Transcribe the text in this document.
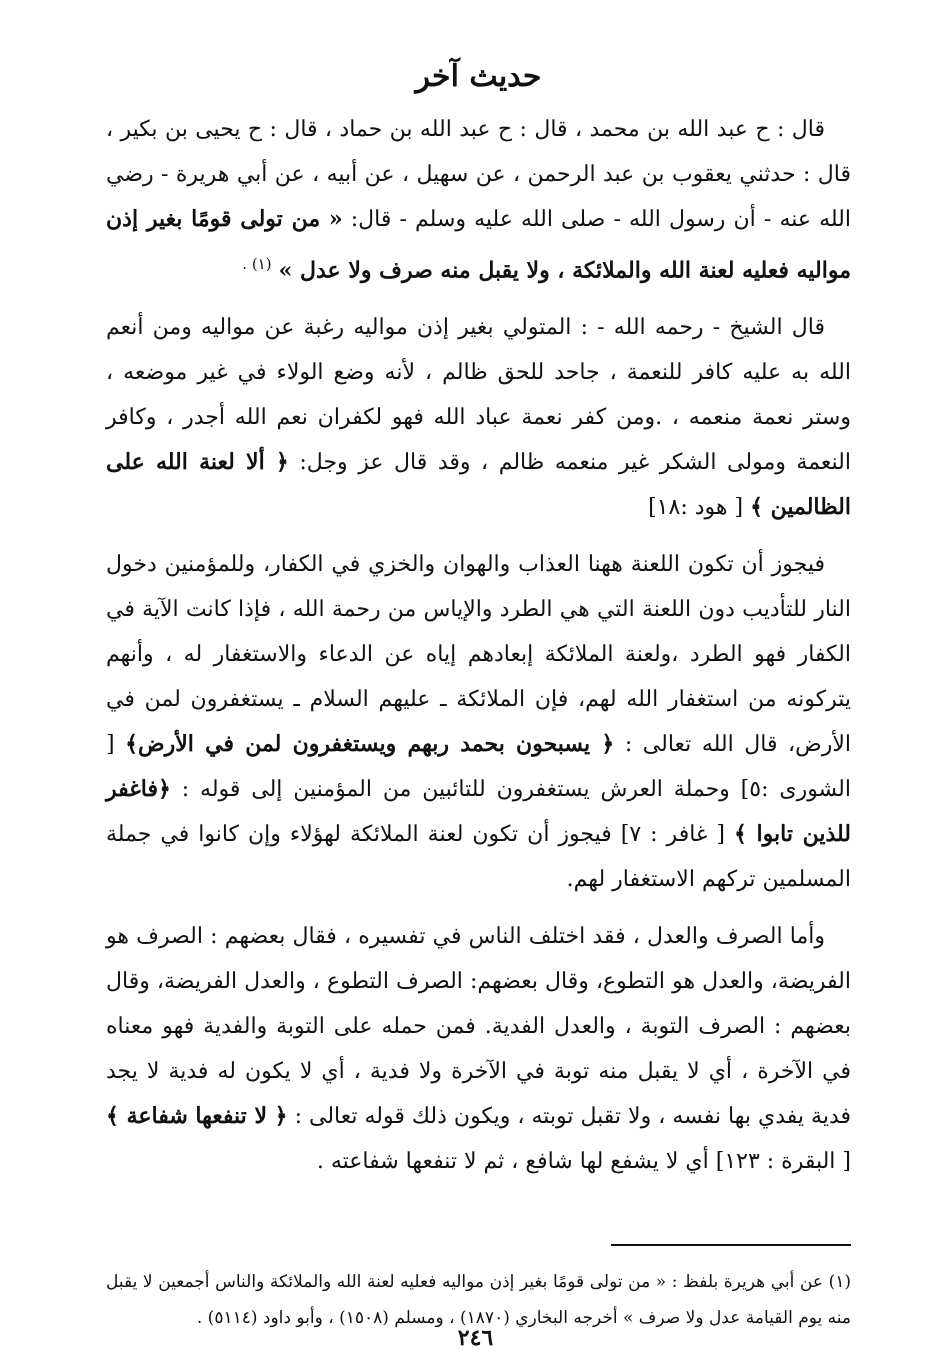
حديث آخر

قال : ح عبد الله بن محمد ، قال : ح عبد الله بن حماد ، قال : ح يحيى بن بكير ، قال : حدثني يعقوب بن عبد الرحمن ، عن سهيل ، عن أبيه ، عن أبي هريرة - رضي الله عنه - أن رسول الله - صلى الله عليه وسلم - قال: « من تولى قومًا بغير إذن مواليه فعليه لعنة الله والملائكة ، ولا يقبل منه صرف ولا عدل » $^{(١) .}$

قال الشيخ - رحمه الله - : المتولي بغير إذن مواليه رغبة عن مواليه ومن أنعم الله به عليه كافر للنعمة ، جاحد للحق ظالم ، لأنه وضع الولاء في غير موضعه ، وستر نعمة منعمه ، .ومن كفر نعمة عباد الله فهو لكفران نعم الله أجدر ، وكافر النعمة ومولى الشكر غير منعمه ظالم ، وقد قال عز وجل: ﴿ ألا لعنة الله على الظالمين ﴾ [ هود :١٨]

فيجوز أن تكون اللعنة ههنا العذاب والهوان والخزي في الكفار، وللمؤمنين دخول النار للتأديب دون اللعنة التي هي الطرد والإياس من رحمة الله ، فإذا كانت الآية في الكفار فهو الطرد ،ولعنة الملائكة إبعادهم إياه عن الدعاء والاستغفار له ، وأنهم يتركونه من استغفار الله لهم، فإن الملائكة ـ عليهم السلام ـ يستغفرون لمن في الأرض، قال الله تعالى : ﴿ يسبحون بحمد ربهم ويستغفرون لمن في الأرض﴾ [ الشورى :٥] وحملة العرش يستغفرون للتائبين من المؤمنين إلى قوله : ﴿فاغفر للذين تابوا ﴾ [ غافر : ٧] فيجوز أن تكون لعنة الملائكة لهؤلاء وإن كانوا في جملة المسلمين تركهم الاستغفار لهم.

وأما الصرف والعدل ، فقد اختلف الناس في تفسيره ، فقال بعضهم : الصرف هو الفريضة، والعدل هو التطوع، وقال بعضهم: الصرف التطوع ، والعدل الفريضة، وقال بعضهم : الصرف التوبة ، والعدل الفدية. فمن حمله على التوبة والفدية فهو معناه في الآخرة ، أي لا يقبل منه توبة في الآخرة ولا فدية ، أي لا يكون له فدية لا يجد فدية يفدي بها نفسه ، ولا تقبل توبته ، ويكون ذلك قوله تعالى : ﴿ لا تنفعها شفاعة ﴾ [ البقرة : ١٢٣] أي لا يشفع لها شافع ، ثم لا تنفعها شفاعته .

(١) عن أبي هريرة بلفظ : « من تولى قومًا بغير إذن مواليه فعليه لعنة الله والملائكة والناس أجمعين لا يقبل منه يوم القيامة عدل ولا صرف » أخرجه البخاري (١٨٧٠) ، ومسلم (١٥٠٨) ، وأبو داود (٥١١٤) .

٢٤٦
